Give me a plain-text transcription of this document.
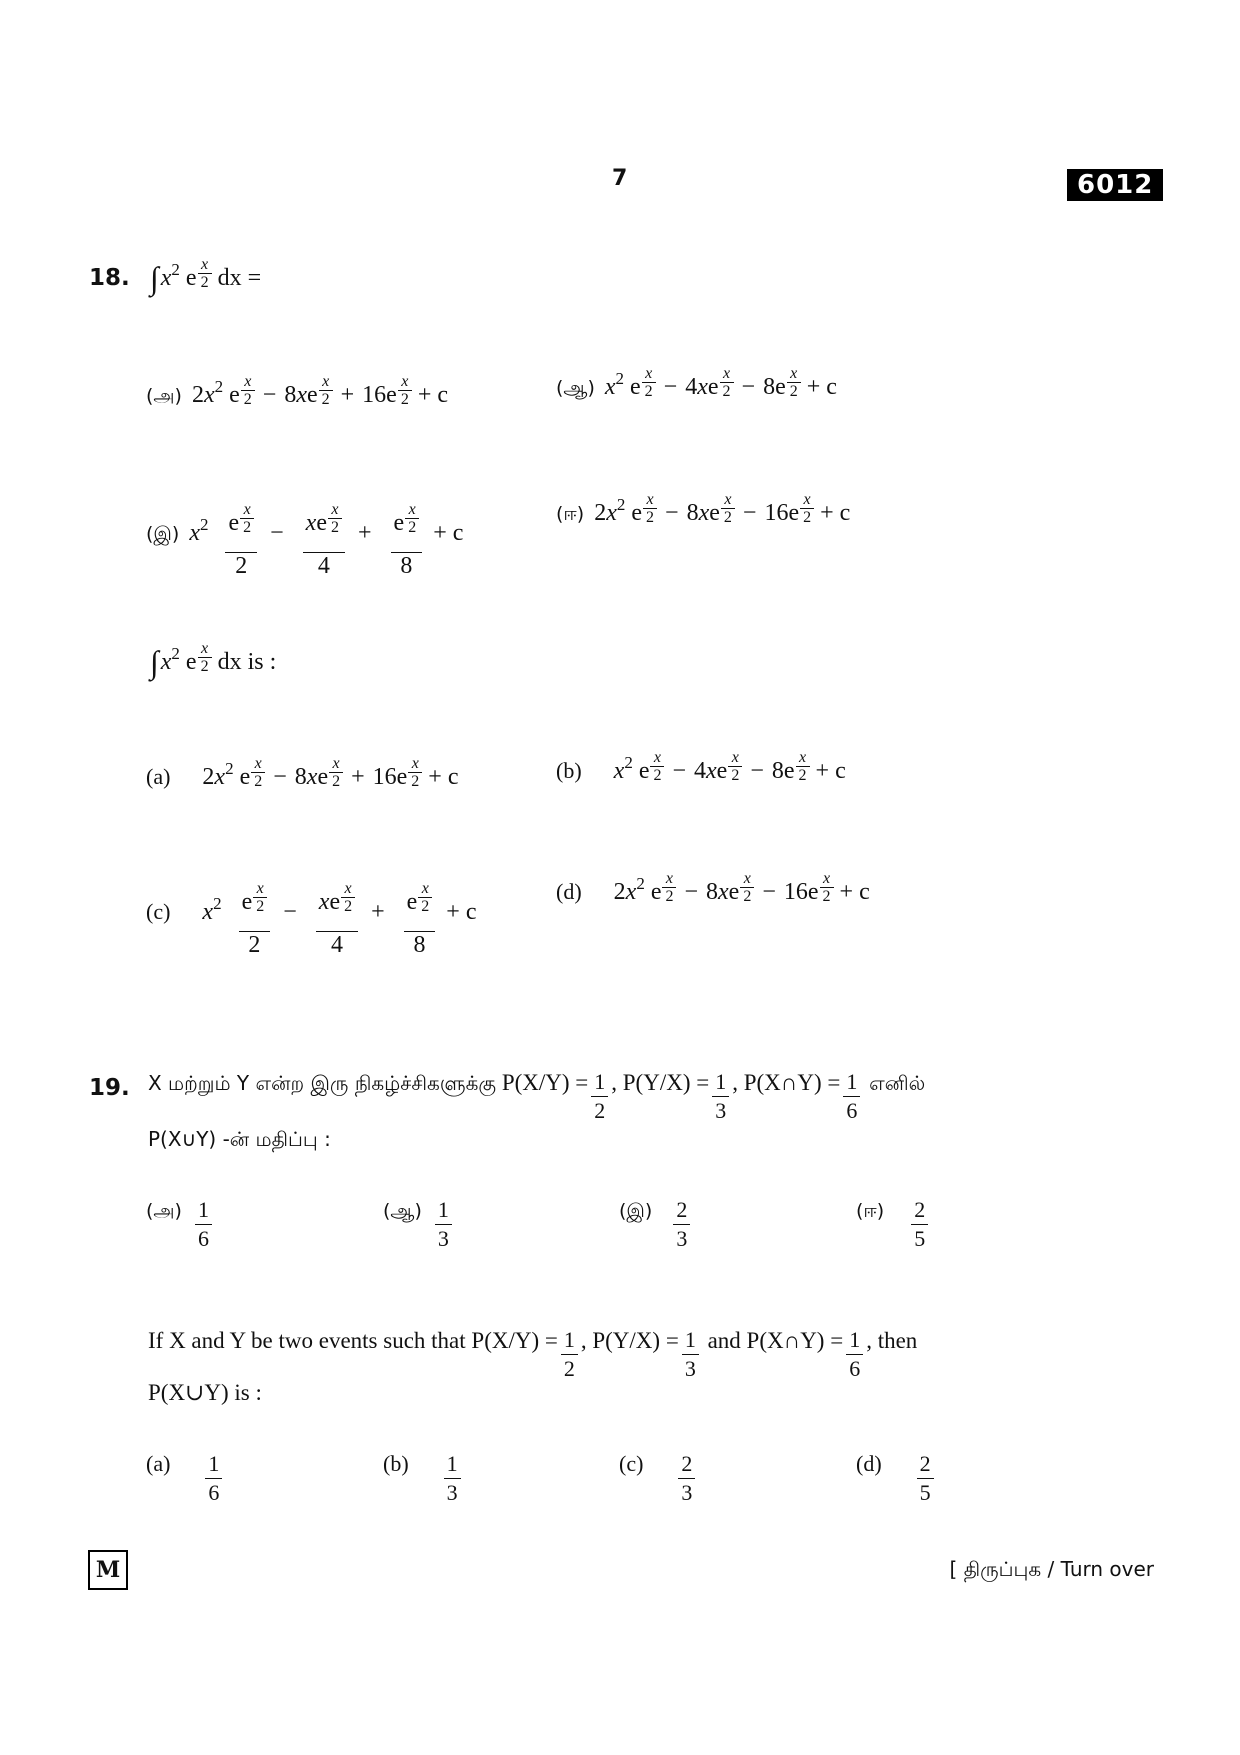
7	6012
18. ∫ x 2 e
x
2
dx =
(அ) $2x^2$ e $\frac{x}{2} - 8xe \frac{x}{2} + 16e \frac{x}{2} + c$	(ஆ) $x^2$ e $\frac{x}{2} - 4xe \frac{x}{2} - 8e \frac{x}{2} + c$
(இ) $x^2$ e
x
2
2 − x e
x
2
4
+ e
x
2
8 + c
(ஈ) $2x^2$ e $\frac{x}{2} - 8xe \frac{x}{2} - 16e \frac{x}{2} + c$
∫ x 2 e
x
2
dx is :
(a) $2x^2$ e $\frac{x}{2} - 8xe \frac{x}{2} + 16e \frac{x}{2} + c$	(b) $x^2$ e $\frac{x}{2} - 4xe \frac{x}{2} - 8e \frac{x}{2} + c$
(c) $x^2$ e
x
2
2 − x e
x
2
4
+ e
x
2
8 + c
(d) $2x^2$ e $\frac{x}{2} - 8xe \frac{x}{2} - 16e \frac{x}{2} + c$
19. X மற்றும் Y என்ற இரு நிகழ்ச்சிகளுக்கு $P(X/Y) = \frac{1}{2}$ , $P(Y/X) = \frac{1}{3}$ , P(X∩Y) = $\frac{1}{6}$ எனில்
P(X∪Y) -ன் மதிப்பு :
(அ) $\frac{1}{6}$	(ஆ) $\frac{1}{3}$	(இ) $\frac{2}{3}$	(ஈ) $\frac{2}{5}$
If X and Y be two events such that $P(X/Y) = \frac{1}{2}$ , $P(Y/X) = \frac{1}{3}$ and P(X∩Y) = $\frac{1}{6}$ , then
P(X∪Y) is :
$(a) \frac{1}{6}$	$(b) \frac{1}{3}$	$(c) \frac{2}{3}$	$(d) \frac{2}{5}$
M	[ திருப்புக / Turn over
